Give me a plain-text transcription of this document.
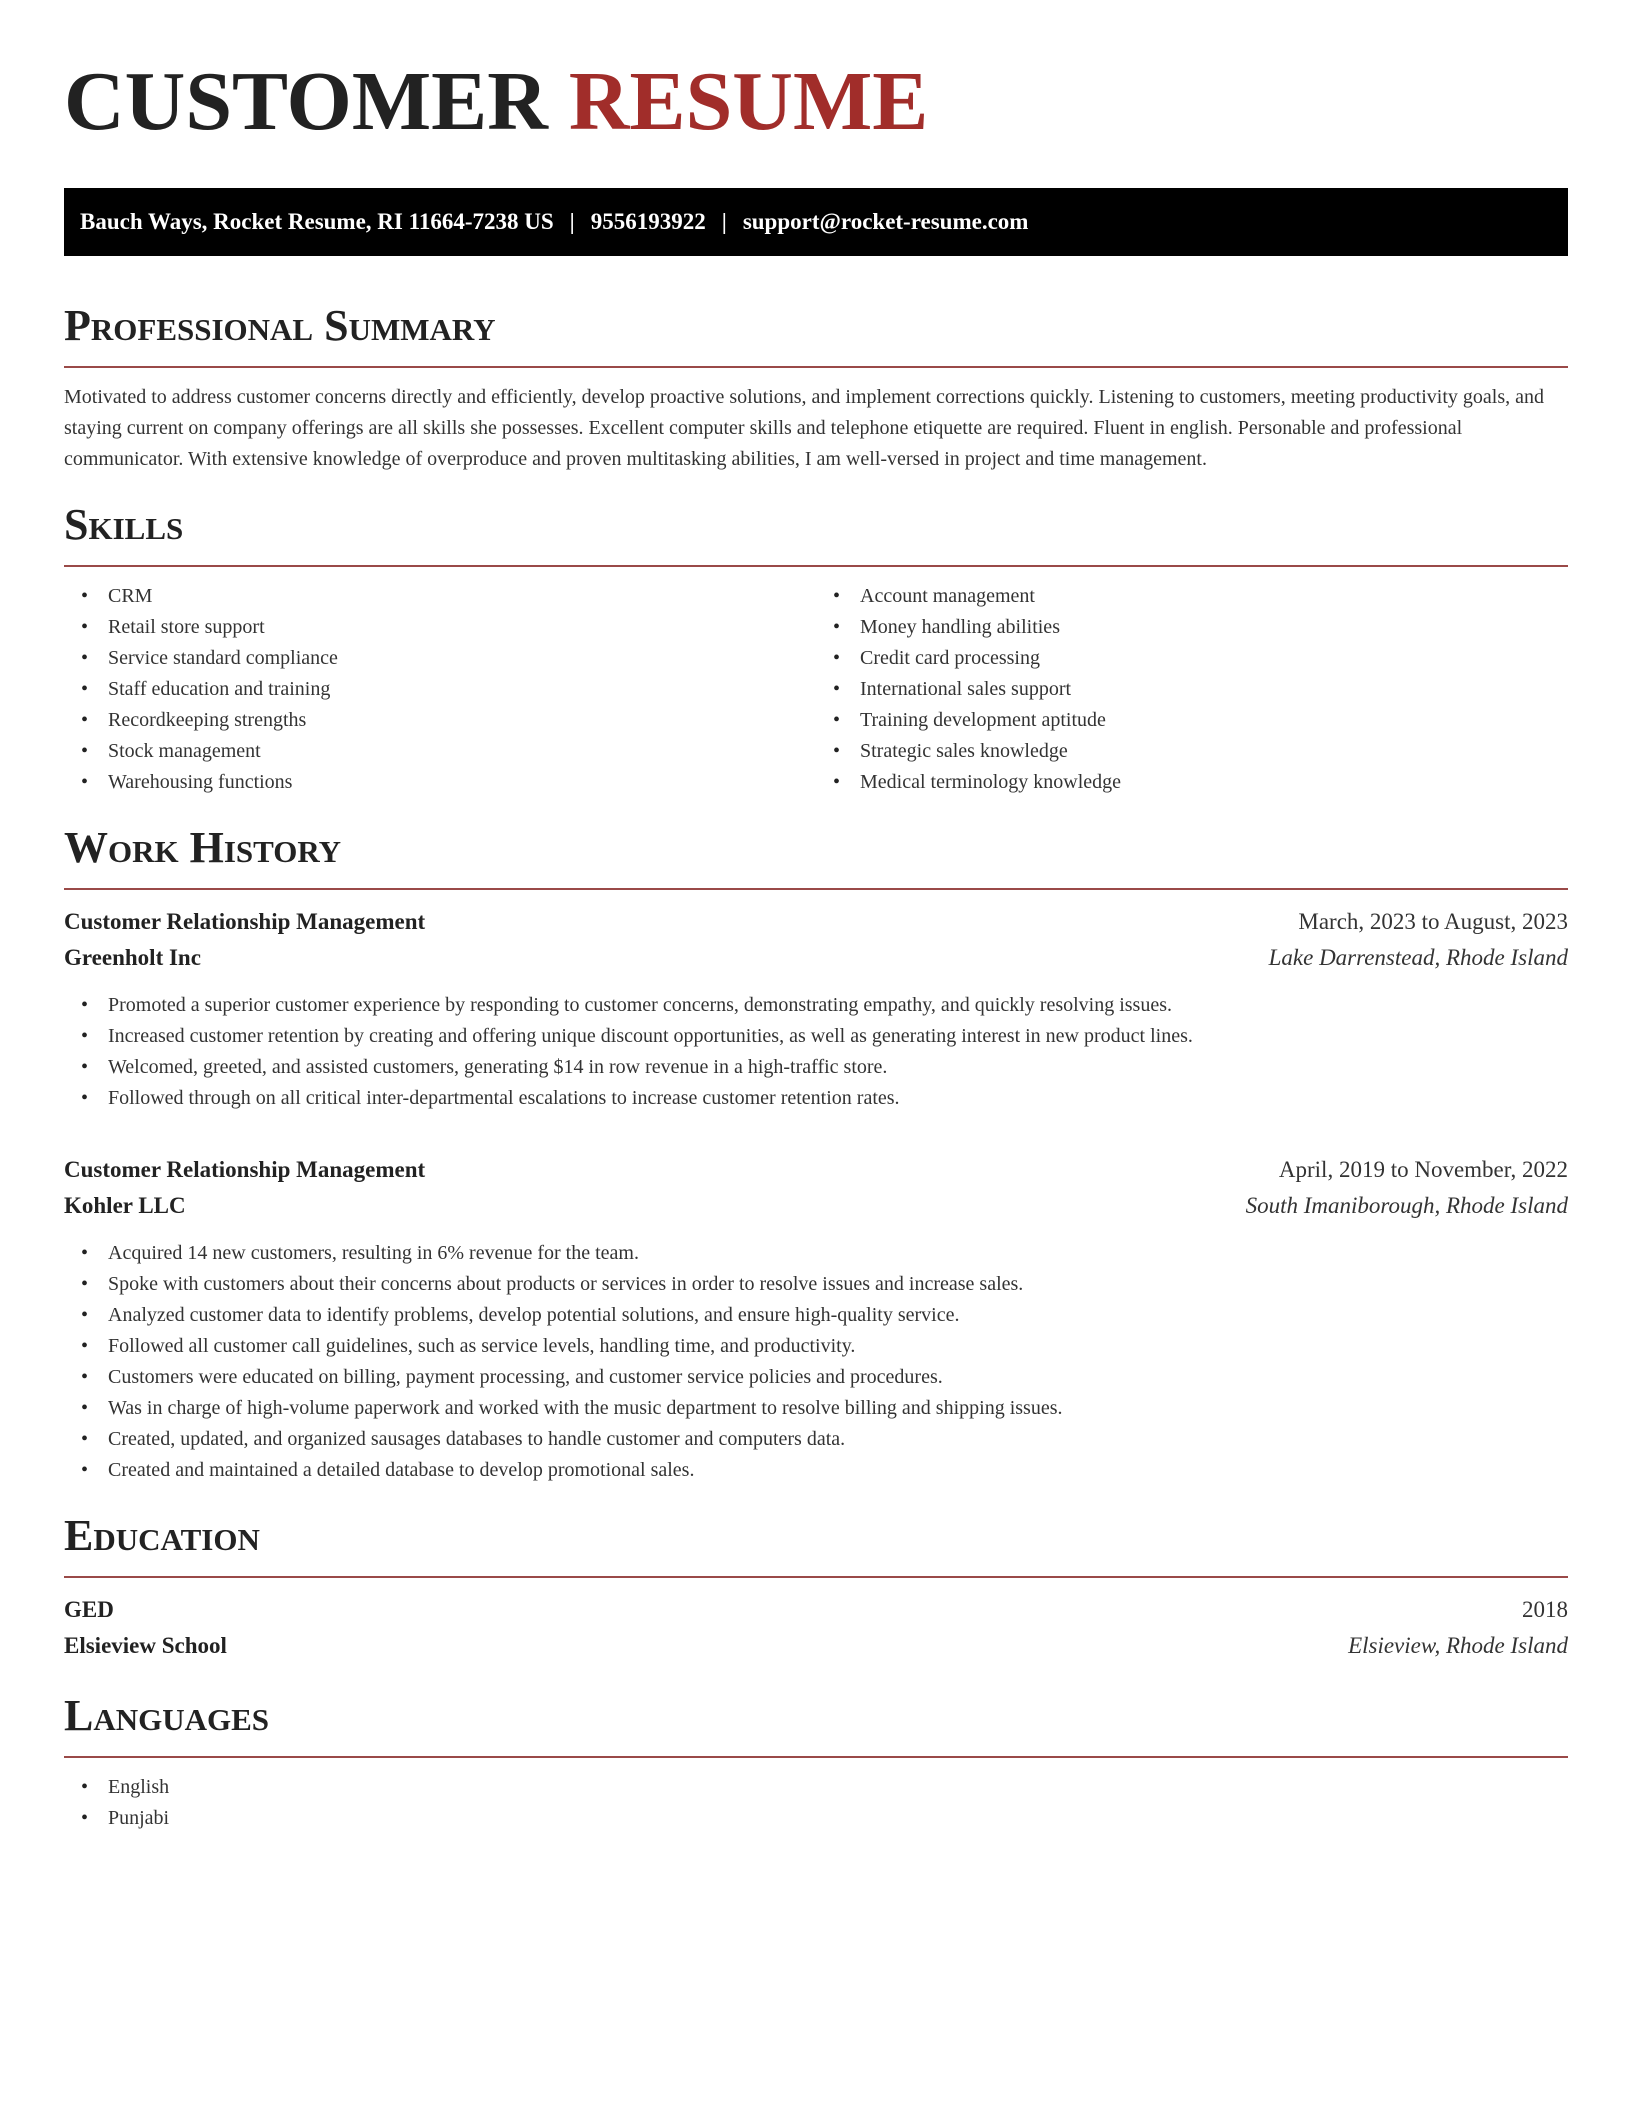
CUSTOMER RESUME
Bauch Ways, Rocket Resume, RI 11664-7238 US | 9556193922 | support@rocket-resume.com
Professional Summary

Motivated to address customer concerns directly and efficiently, develop proactive solutions, and implement corrections quickly. Listening to customers, meeting productivity goals, and staying current on company offerings are all skills she possesses. Excellent computer skills and telephone etiquette are required. Fluent in english. Personable and professional communicator. With extensive knowledge of overproduce and proven multitasking abilities, I am well-versed in project and time management.

Skills
• CRM
• Retail store support
• Service standard compliance
• Staff education and training
• Recordkeeping strengths
• Stock management
• Warehousing functions
• Account management
• Money handling abilities
• Credit card processing
• International sales support
• Training development aptitude
• Strategic sales knowledge
• Medical terminology knowledge
Work History
Customer Relationship Management	March, 2023 to August, 2023
Greenholt Inc	Lake Darrenstead, Rhode Island
• Promoted a superior customer experience by responding to customer concerns, demonstrating empathy, and quickly resolving issues.
• Increased customer retention by creating and offering unique discount opportunities, as well as generating interest in new product lines.
• Welcomed, greeted, and assisted customers, generating $14 in row revenue in a high-traffic store.
• Followed through on all critical inter-departmental escalations to increase customer retention rates.
Customer Relationship Management	April, 2019 to November, 2022
Kohler LLC	South Imaniborough, Rhode Island
• Acquired 14 new customers, resulting in 6% revenue for the team.
• Spoke with customers about their concerns about products or services in order to resolve issues and increase sales.
• Analyzed customer data to identify problems, develop potential solutions, and ensure high-quality service.
• Followed all customer call guidelines, such as service levels, handling time, and productivity.
• Customers were educated on billing, payment processing, and customer service policies and procedures.
• Was in charge of high-volume paperwork and worked with the music department to resolve billing and shipping issues.
• Created, updated, and organized sausages databases to handle customer and computers data.
• Created and maintained a detailed database to develop promotional sales.
Education
GED	2018
Elsieview School	Elsieview, Rhode Island
Languages
• English
• Punjabi
